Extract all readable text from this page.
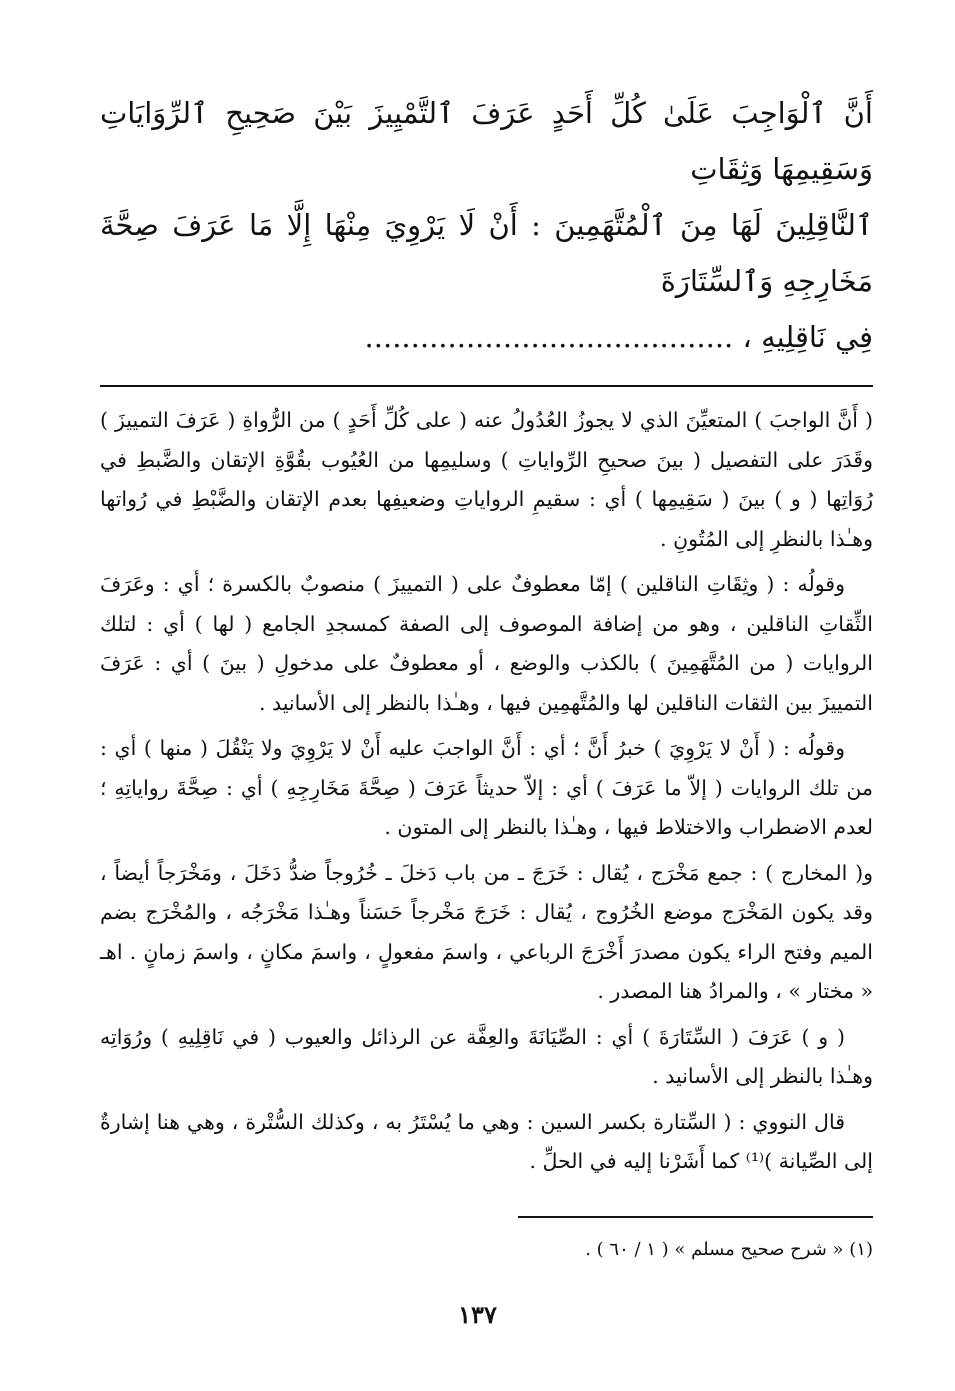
أَنَّ ٱلْوَاجِبَ عَلَىٰ كُلِّ أَحَدٍ عَرَفَ ٱلتَّمْيِيزَ بَيْنَ صَحِيحِ ٱلرِّوَايَاتِ وَسَقِيمِهَا وَثِقَاتِ
ٱلنَّاقِلِينَ لَهَا مِنَ ٱلْمُتَّهَمِينَ : أَنْ لَا يَرْوِيَ مِنْهَا إِلَّا مَا عَرَفَ صِحَّةَ مَخَارِجِهِ وَٱلسِّتَارَةَ
فِي نَاقِلِيهِ ، ........................................

( أَنَّ الواجبَ ) المتعيِّنَ الذي لا يجوزُ العُدُولُ عنه ( على كُلِّ أَحَدٍ ) من الرُّواةِ ( عَرَفَ التمييزَ ) وقَدَرَ على التفصيل ( بينَ صحيحِ الرِّواياتِ ) وسليمِها من العُيُوب بقُوَّةِ الإتقان والضَّبطِ في رُوَاتِها ( و ) بينَ ( سَقِيمِها ) أي : سقيمِ الرواياتِ وضعيفِها بعدم الإتقان والضَّبْطِ في رُواتها وهـٰذا بالنظرِ إلى المُتُونِ .

وقولُه : ( وثِقَاتِ الناقلين ) إمّا معطوفٌ على ( التمييزَ ) منصوبٌ بالكسرة ؛ أي : وعَرَفَ الثِّقاتِ الناقلين ، وهو من إضافة الموصوف إلى الصفة كمسجدِ الجامع ( لها ) أي : لتلك الروايات ( من المُتَّهَمِينَ ) بالكذب والوضع ، أو معطوفٌ على مدخولِ ( بينَ ) أي : عَرَفَ التمييزَ بين الثقات الناقلين لها والمُتَّهمِين فيها ، وهـٰذا بالنظر إلى الأسانيد .

وقولُه : ( أَنْ لا يَرْوِيَ ) خبرُ أَنَّ ؛ أي : أَنَّ الواجبَ عليه أَنْ لا يَرْوِيَ ولا يَنْقُلَ ( منها ) أي : من تلك الروايات ( إلاّ ما عَرَفَ ) أي : إلاّ حديثاً عَرَفَ ( صِحَّةَ مَخَارِجِهِ ) أي : صِحَّةَ رواياتِهِ ؛ لعدم الاضطراب والاختلاط فيها ، وهـٰذا بالنظر إلى المتون .

و( المخارج ) : جمع مَخْرَج ، يُقال : خَرَجَ ـ من باب دَخلَ ـ خُرُوجاً ضدُّ دَخَلَ ، ومَخْرَجاً أيضاً ، وقد يكون المَخْرَج موضع الخُرُوج ، يُقال : خَرَجَ مَخْرجاً حَسَناً وهـٰذا مَخْرَجُه ، والمُخْرَج بضم الميم وفتح الراء يكون مصدرَ أَخْرَجَ الرباعي ، واسمَ مفعولٍ ، واسمَ مكانٍ ، واسمَ زمانٍ . اهـ « مختار » ، والمرادُ هنا المصدر .

( و ) عَرَفَ ( السِّتَارَةَ ) أي : الصِّيَانَةَ والعِفَّة عن الرذائل والعيوب ( في نَاقِلِيهِ ) ورُوَاتِه وهـٰذا بالنظر إلى الأسانيد .

قال النووي : ( السِّتارة بكسر السين : وهي ما يُسْتَرُ به ، وكذلك السُّتْرة ، وهي هنا إشارةٌ إلى الصِّيانة )⁽¹⁾ كما أَشَرْنا إليه في الحلِّ .

(١) « شرح صحيح مسلم » ( ١ / ٦٠ ) .
١٣٧
